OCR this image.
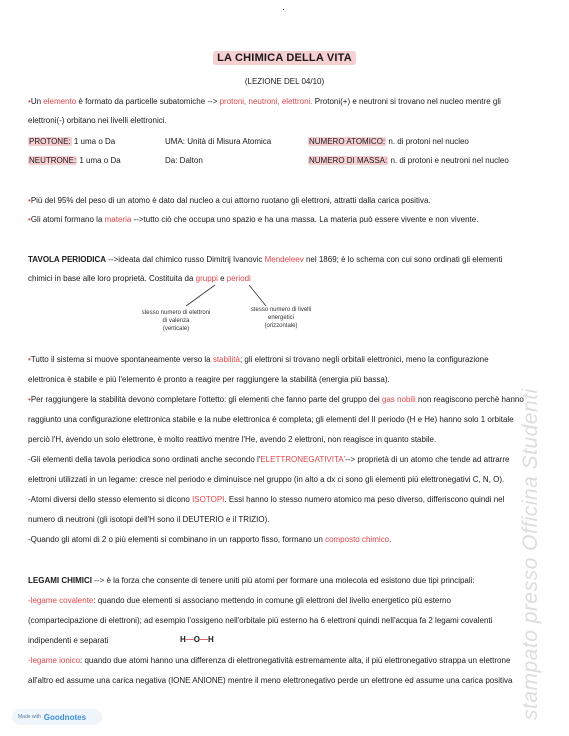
·
LA CHIMICA DELLA VITA
(LEZIONE DEL 04/10)
•Un elemento è formato da particelle subatomiche --> protoni, neutroni, elettroni. Protoni(+) e neutroni si trovano nel nucleo mentre gli
elettroni(-) orbitano nei livelli elettronici.
PROTONE: 1 uma o Da	UMA: Unità di Misura Atomica	NUMERO ATOMICO: n. di protoni nel nucleo
NEUTRONE: 1 uma o Da	Da: Dalton	NUMERO DI MASSA: n. di protoni e neutroni nel nucleo
•Più del 95% del peso di un atomo è dato dal nucleo a cui attorno ruotano gli elettroni, attratti dalla carica positiva.
•Gli atomi formano la materia -->tutto ciò che occupa uno spazio e ha una massa. La materia può essere vivente e non vivente.
TAVOLA PERIODICA -->ideata dal chimico russo Dimitrij Ivanovic Mendeleev nel 1869; è lo schema con cui sono ordinati gli elementi
chimici in base alle loro proprietà. Costituita da gruppi e periodi
stesso numero di elettroni
di valenza
(verticale)
stesso numero di livelli
energetici
(orizzontale)
•Tutto il sistema si muove spontaneamente verso la stabilità; gli elettroni si trovano negli orbitali elettronici, meno la configurazione
elettronica è stabile e più l'elemento è pronto a reagire per raggiungere la stabilità (energia più bassa).
•Per raggiungere la stabilità devono completare l'ottetto: gli elementi che fanno parte del gruppo dei gas nobili non reagiscono perchè hanno
raggiunto una configurazione elettronica stabile e la nube elettronica è completa; gli elementi del II periodo (H e He) hanno solo 1 orbitale
perciò l'H, avendo un solo elettrone, è molto reattivo mentre l'He, avendo 2 elettroni, non reagisce in quanto stabile.
-Gli elementi della tavola periodica sono ordinati anche secondo l'ELETTRONEGATIVITA'--> proprietà di un atomo che tende ad attrarre
elettroni utilizzati in un legame: cresce nel periodo e diminuisce nel gruppo (in alto a dx ci sono gli elementi più elettronegativi C, N, O).
-Atomi diversi dello stesso elemento si dicono ISOTOPI. Essi hanno lo stesso numero atomico ma peso diverso, differiscono quindi nel
numero di neutroni (gli isotopi dell'H sono il DEUTERIO e il TRIZIO).
-Quando gli atomi di 2 o più elementi si combinano in un rapporto fisso, formano un composto chimico.
LEGAMI CHIMICI --> è la forza che consente di tenere uniti più atomi per formare una molecola ed esistono due tipi principali:
-legame covalente: quando due elementi si associano mettendo in comune gli elettroni del livello energetico più esterno
(compartecipazione di elettroni); ad esempio l'ossigeno nell'orbitale più esterno ha 6 elettroni quindi nell'acqua fa 2 legami covalenti
indipendenti e separati	H—O—H
-legame ionico: quando due atomi hanno una differenza di elettronegatività estremamente alta, il più elettronegativo strappa un elettrone
all'altro ed assume una carica negativa (IONE ANIONE) mentre il meno elettronegativo perde un elettrone ed assume una carica positiva stampato presso Officina Studenti
Made with Goodnotes
